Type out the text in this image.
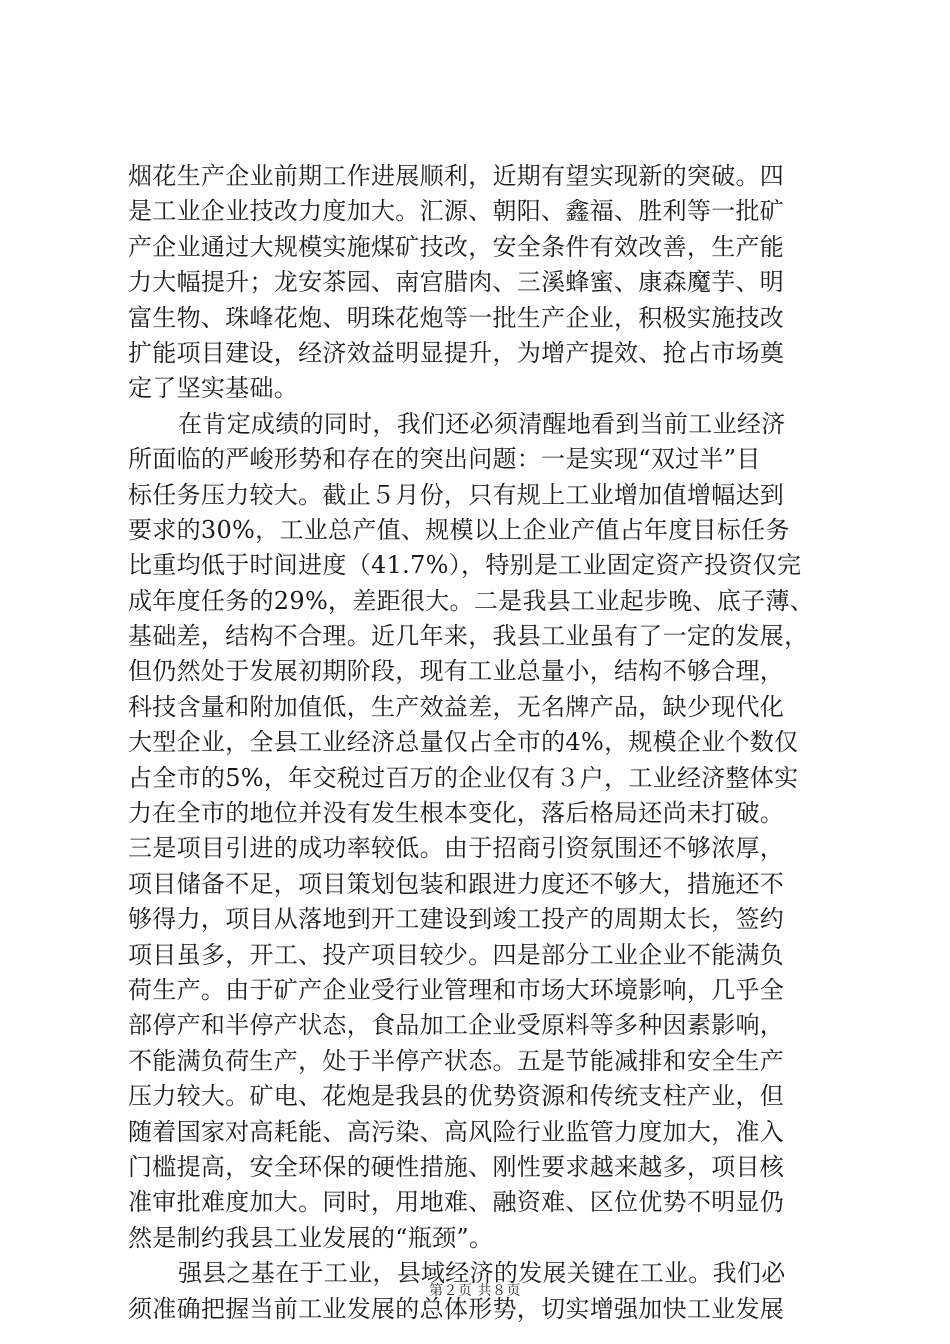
烟花生产企业前期工作进展顺利，近期有望实现新的突破。四
是工业企业技改力度加大。汇源、朝阳、鑫福、胜利等一批矿
产企业通过大规模实施煤矿技改，安全条件有效改善，生产能
力大幅提升；龙安茶园、南宫腊肉、三溪蜂蜜、康森魔芋、明
富生物、珠峰花炮、明珠花炮等一批生产企业，积极实施技改
扩能项目建设，经济效益明显提升，为增产提效、抢占市场奠
定了坚实基础。
在肯定成绩的同时，我们还必须清醒地看到当前工业经济
所面临的严峻形势和存在的突出问题：一是实现“双过半”目
标任务压力较大。截止５月份，只有规上工业增加值增幅达到
要求的30%，工业总产值、规模以上企业产值占年度目标任务
比重均低于时间进度（41.7%），特别是工业固定资产投资仅完
成年度任务的29%，差距很大。二是我县工业起步晚、底子薄、
基础差，结构不合理。近几年来，我县工业虽有了一定的发展，
但仍然处于发展初期阶段，现有工业总量小，结构不够合理，
科技含量和附加值低，生产效益差，无名牌产品，缺少现代化
大型企业，全县工业经济总量仅占全市的4%，规模企业个数仅
占全市的5%，年交税过百万的企业仅有３户，工业经济整体实
力在全市的地位并没有发生根本变化，落后格局还尚未打破。
三是项目引进的成功率较低。由于招商引资氛围还不够浓厚，
项目储备不足，项目策划包装和跟进力度还不够大，措施还不
够得力，项目从落地到开工建设到竣工投产的周期太长，签约
项目虽多，开工、投产项目较少。四是部分工业企业不能满负
荷生产。由于矿产企业受行业管理和市场大环境影响，几乎全
部停产和半停产状态，食品加工企业受原料等多种因素影响，
不能满负荷生产，处于半停产状态。五是节能减排和安全生产
压力较大。矿电、花炮是我县的优势资源和传统支柱产业，但
随着国家对高耗能、高污染、高风险行业监管力度加大，准入
门槛提高，安全环保的硬性措施、刚性要求越来越多，项目核
准审批难度加大。同时，用地难、融资难、区位优势不明显仍
然是制约我县工业发展的“瓶颈”。
强县之基在于工业，县域经济的发展关键在工业。我们必
须准确把握当前工业发展的总体形势，切实增强加快工业发展
第２页 共８页
